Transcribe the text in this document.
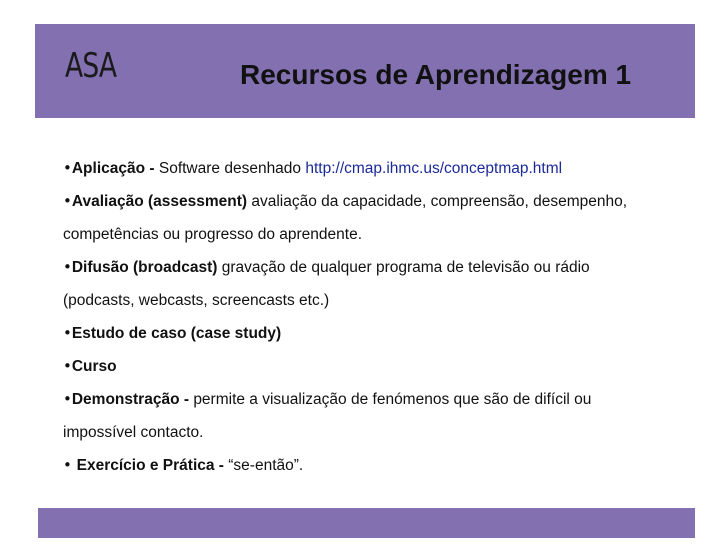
ASA	Recursos de Aprendizagem 1

•Aplicação - Software desenhado http://cmap.ihmc.us/conceptmap.html

•Avaliação (assessment) avaliação da capacidade, compreensão, desempenho,

competências ou progresso do aprendente.

•Difusão (broadcast) gravação de qualquer programa de televisão ou rádio

(podcasts, webcasts, screencasts etc.)

•Estudo de caso (case study)

•Curso

•Demonstração - permite a visualização de fenómenos que são de difícil ou

impossível contacto.

• Exercício e Prática - “se-então”.
